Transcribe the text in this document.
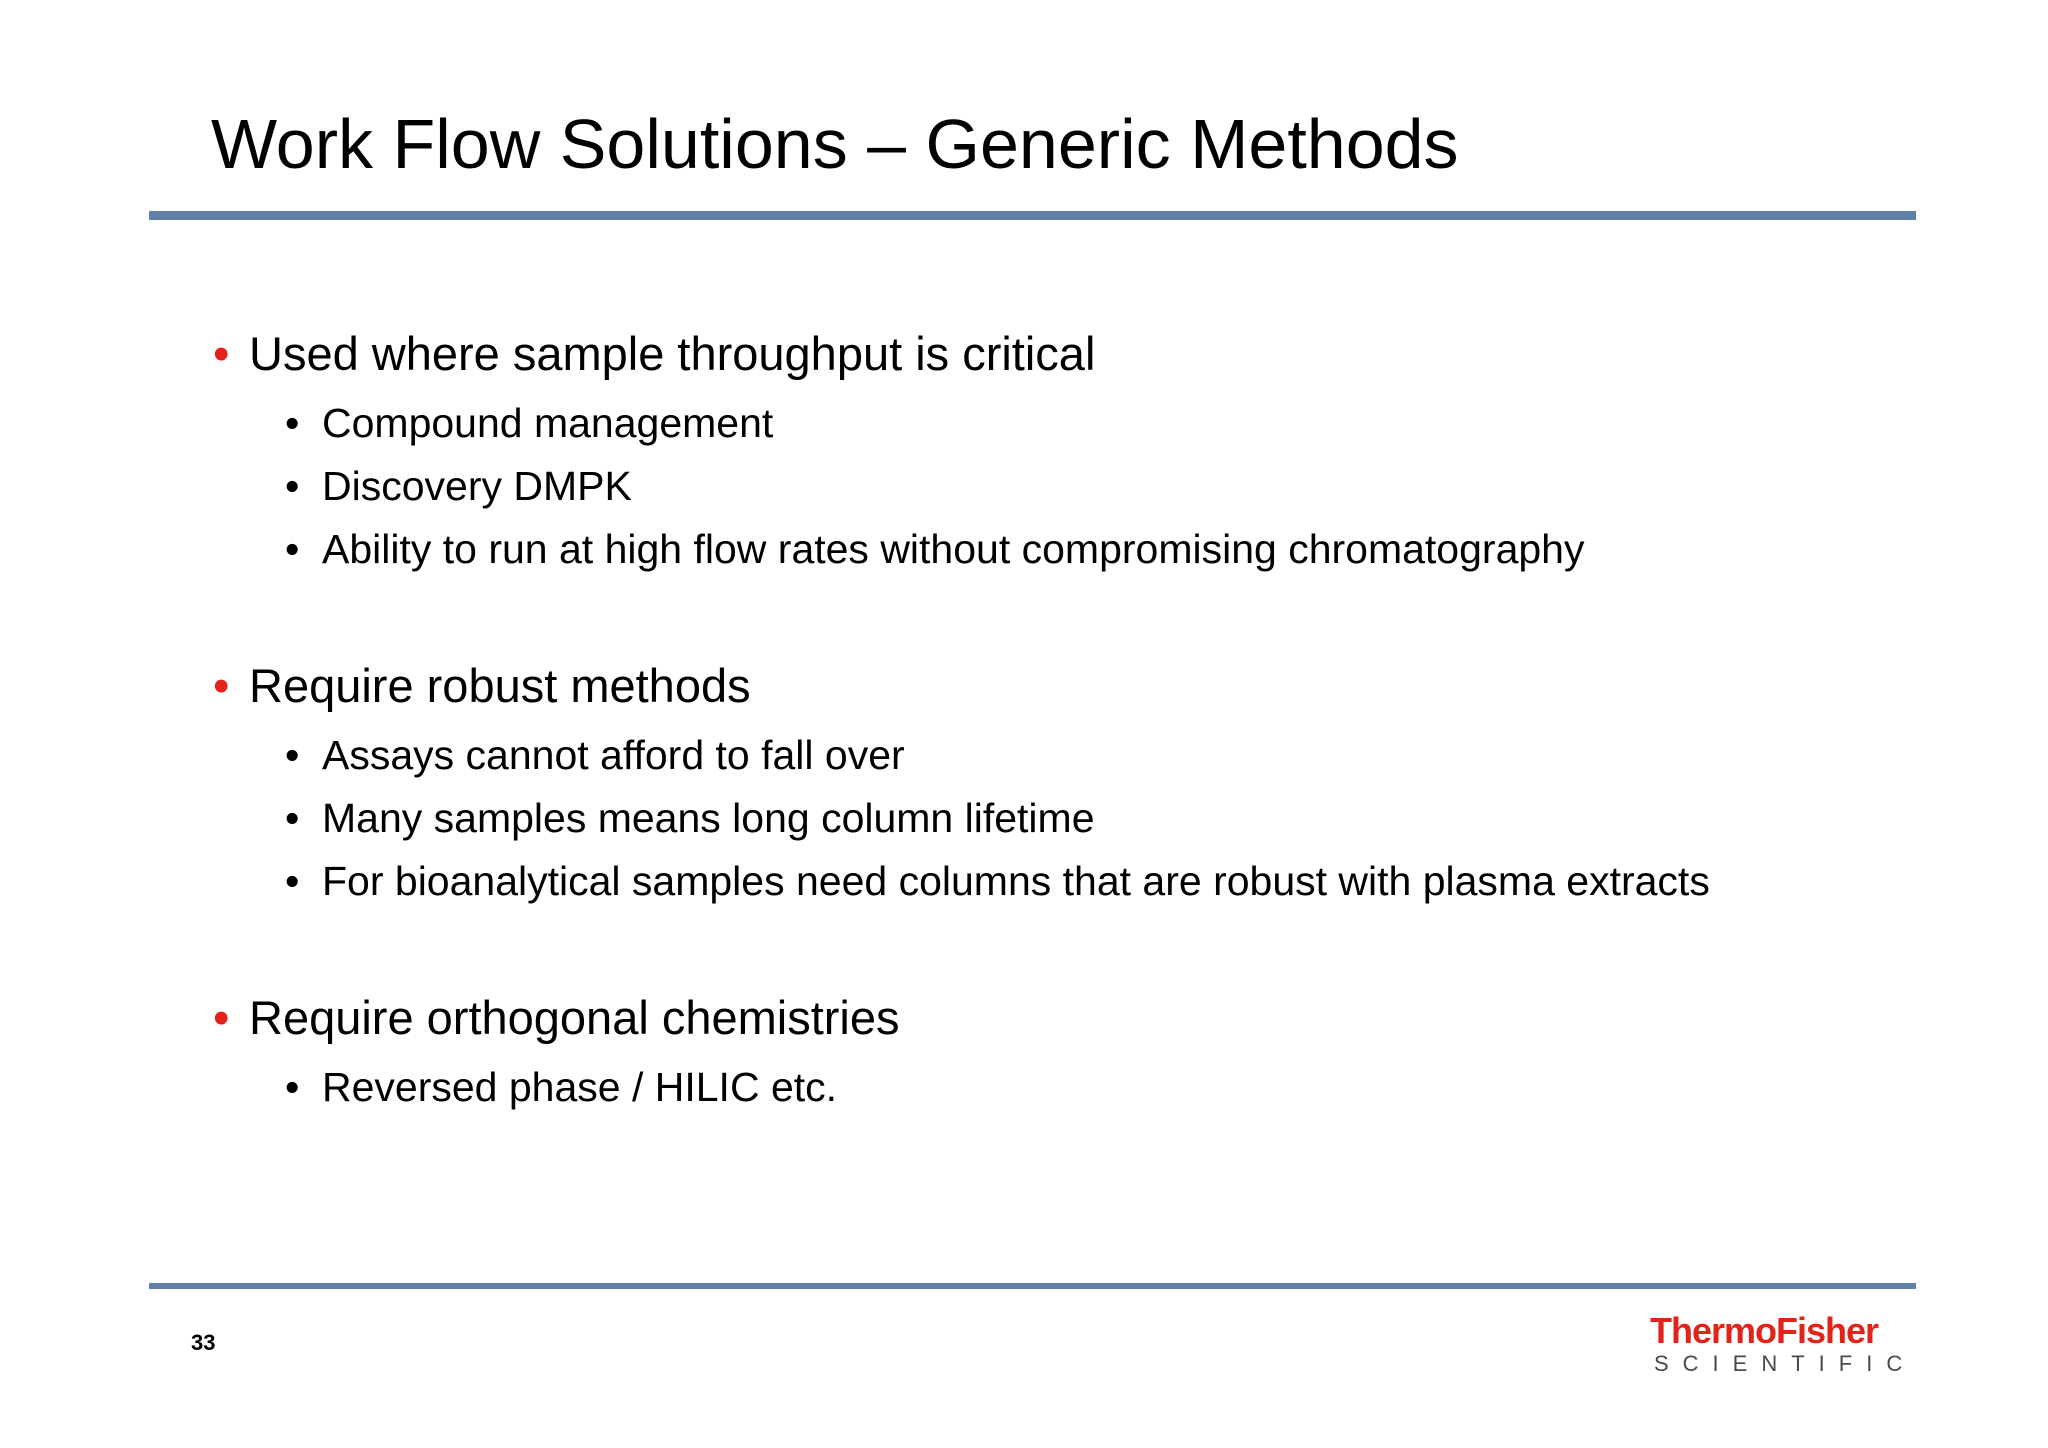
Work Flow Solutions – Generic Methods
• Used where sample throughput is critical
• Compound management
• Discovery DMPK
• Ability to run at high flow rates without compromising chromatography
• Require robust methods
• Assays cannot afford to fall over
• Many samples means long column lifetime
• For bioanalytical samples need columns that are robust with plasma extracts
• Require orthogonal chemistries
• Reversed phase / HILIC etc.
33	ThermoFisher
SCIENTIFIC
